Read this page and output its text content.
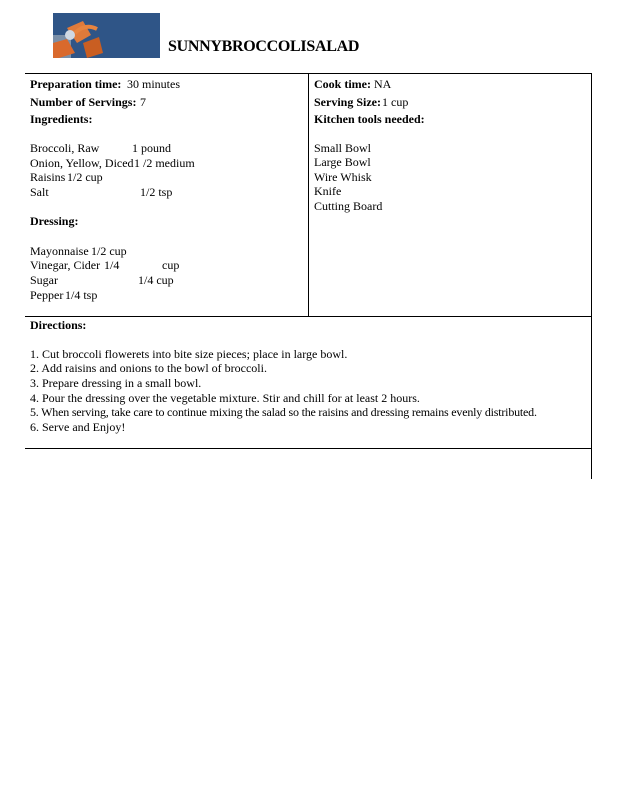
SUNNYBROCCOLISALAD
Preparation time: 30 minutes
Number of Servings: 7
Ingredients:
Broccoli, Raw	1 pound
Onion, Yellow, Diced 1 /2 medium
Raisins 1/2 cup
Salt	1/2 tsp
Dressing:
Mayonnaise 1/2 cup
Vinegar, Cider 1/4	cup
Sugar	1/4 cup
Pepper 1/4 tsp
Cook time: NA
Serving Size: 1 cup
Kitchen tools needed:
Small Bowl
Large Bowl
Wire Whisk
Knife
Cutting Board
Directions:
1. Cut broccoli flowerets into bite size pieces; place in large bowl.
2. Add raisins and onions to the bowl of broccoli.
3. Prepare dressing in a small bowl.
4. Pour the dressing over the vegetable mixture. Stir and chill for at least 2 hours.
5. When serving, take care to continue mixing the salad so the raisins and dressing remains evenly distributed.
6. Serve and Enjoy!
